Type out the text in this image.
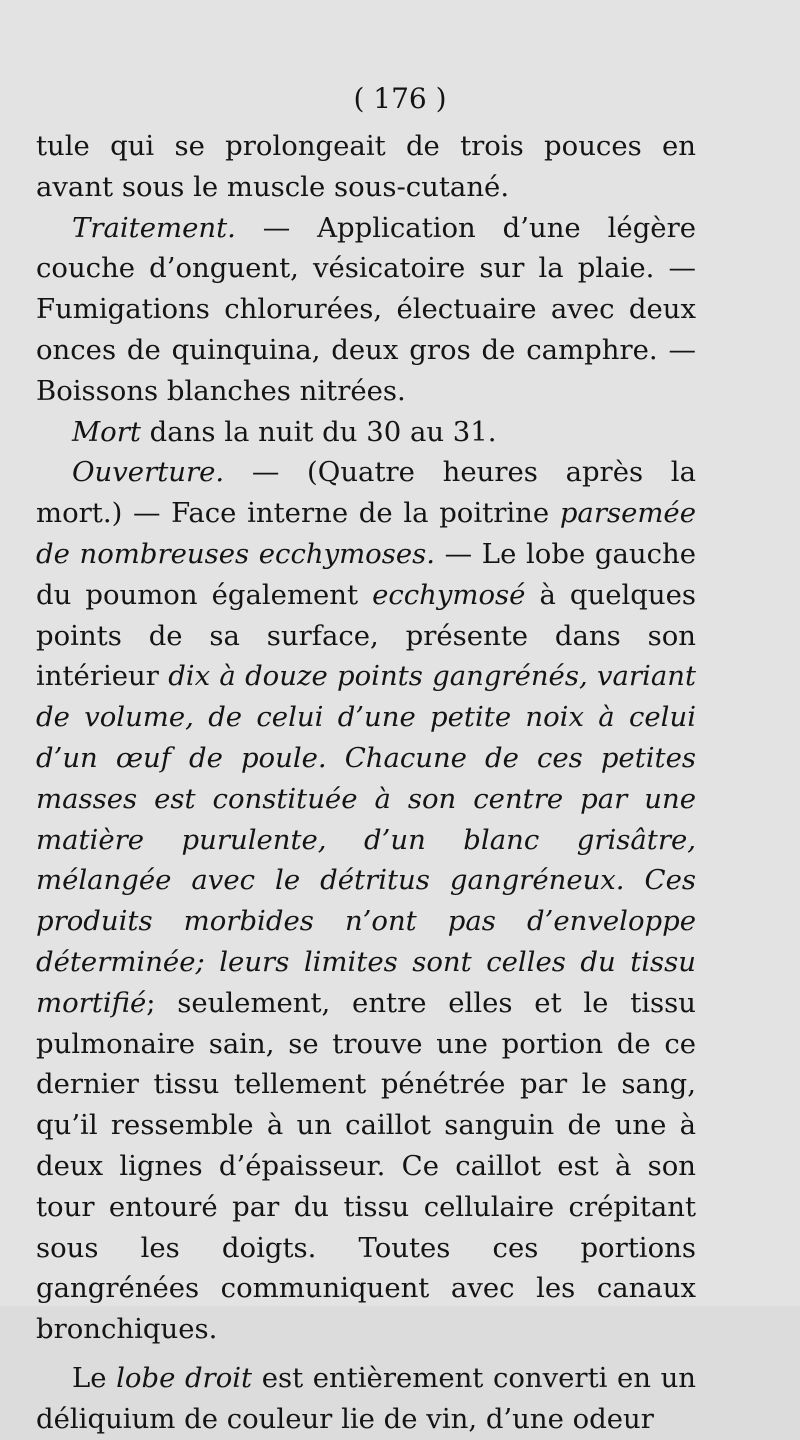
( 176 )

tule qui se prolongeait de trois pouces en avant sous le muscle sous-cutané.

Traitement. — Application d’une légère couche d’onguent, vésicatoire sur la plaie. — Fumigations chlorurées, électuaire avec deux onces de quinquina, deux gros de camphre. — Boissons blanches nitrées.

Mort dans la nuit du 30 au 31.

Ouverture. — (Quatre heures après la mort.) — Face interne de la poitrine parsemée de nombreuses ecchymoses. — Le lobe gauche du poumon également ecchymosé à quelques points de sa surface, présente dans son intérieur dix à douze points gangrénés, variant de volume, de celui d’une petite noix à celui d’un œuf de poule. Chacune de ces petites masses est constituée à son centre par une matière purulente, d’un blanc grisâtre, mélangée avec le détritus gangréneux. Ces produits morbides n’ont pas d’enveloppe déterminée; leurs limites sont celles du tissu mortifié; seulement, entre elles et le tissu pulmonaire sain, se trouve une portion de ce dernier tissu tellement pénétrée par le sang, qu’il ressemble à un caillot sanguin de une à deux lignes d’épaisseur. Ce caillot est à son tour entouré par du tissu cellulaire crépitant sous les doigts. Toutes ces portions gangrénées communiquent avec les canaux bronchiques.

Le lobe droit est entièrement converti en un déliquium de couleur lie de vin, d’une odeur
